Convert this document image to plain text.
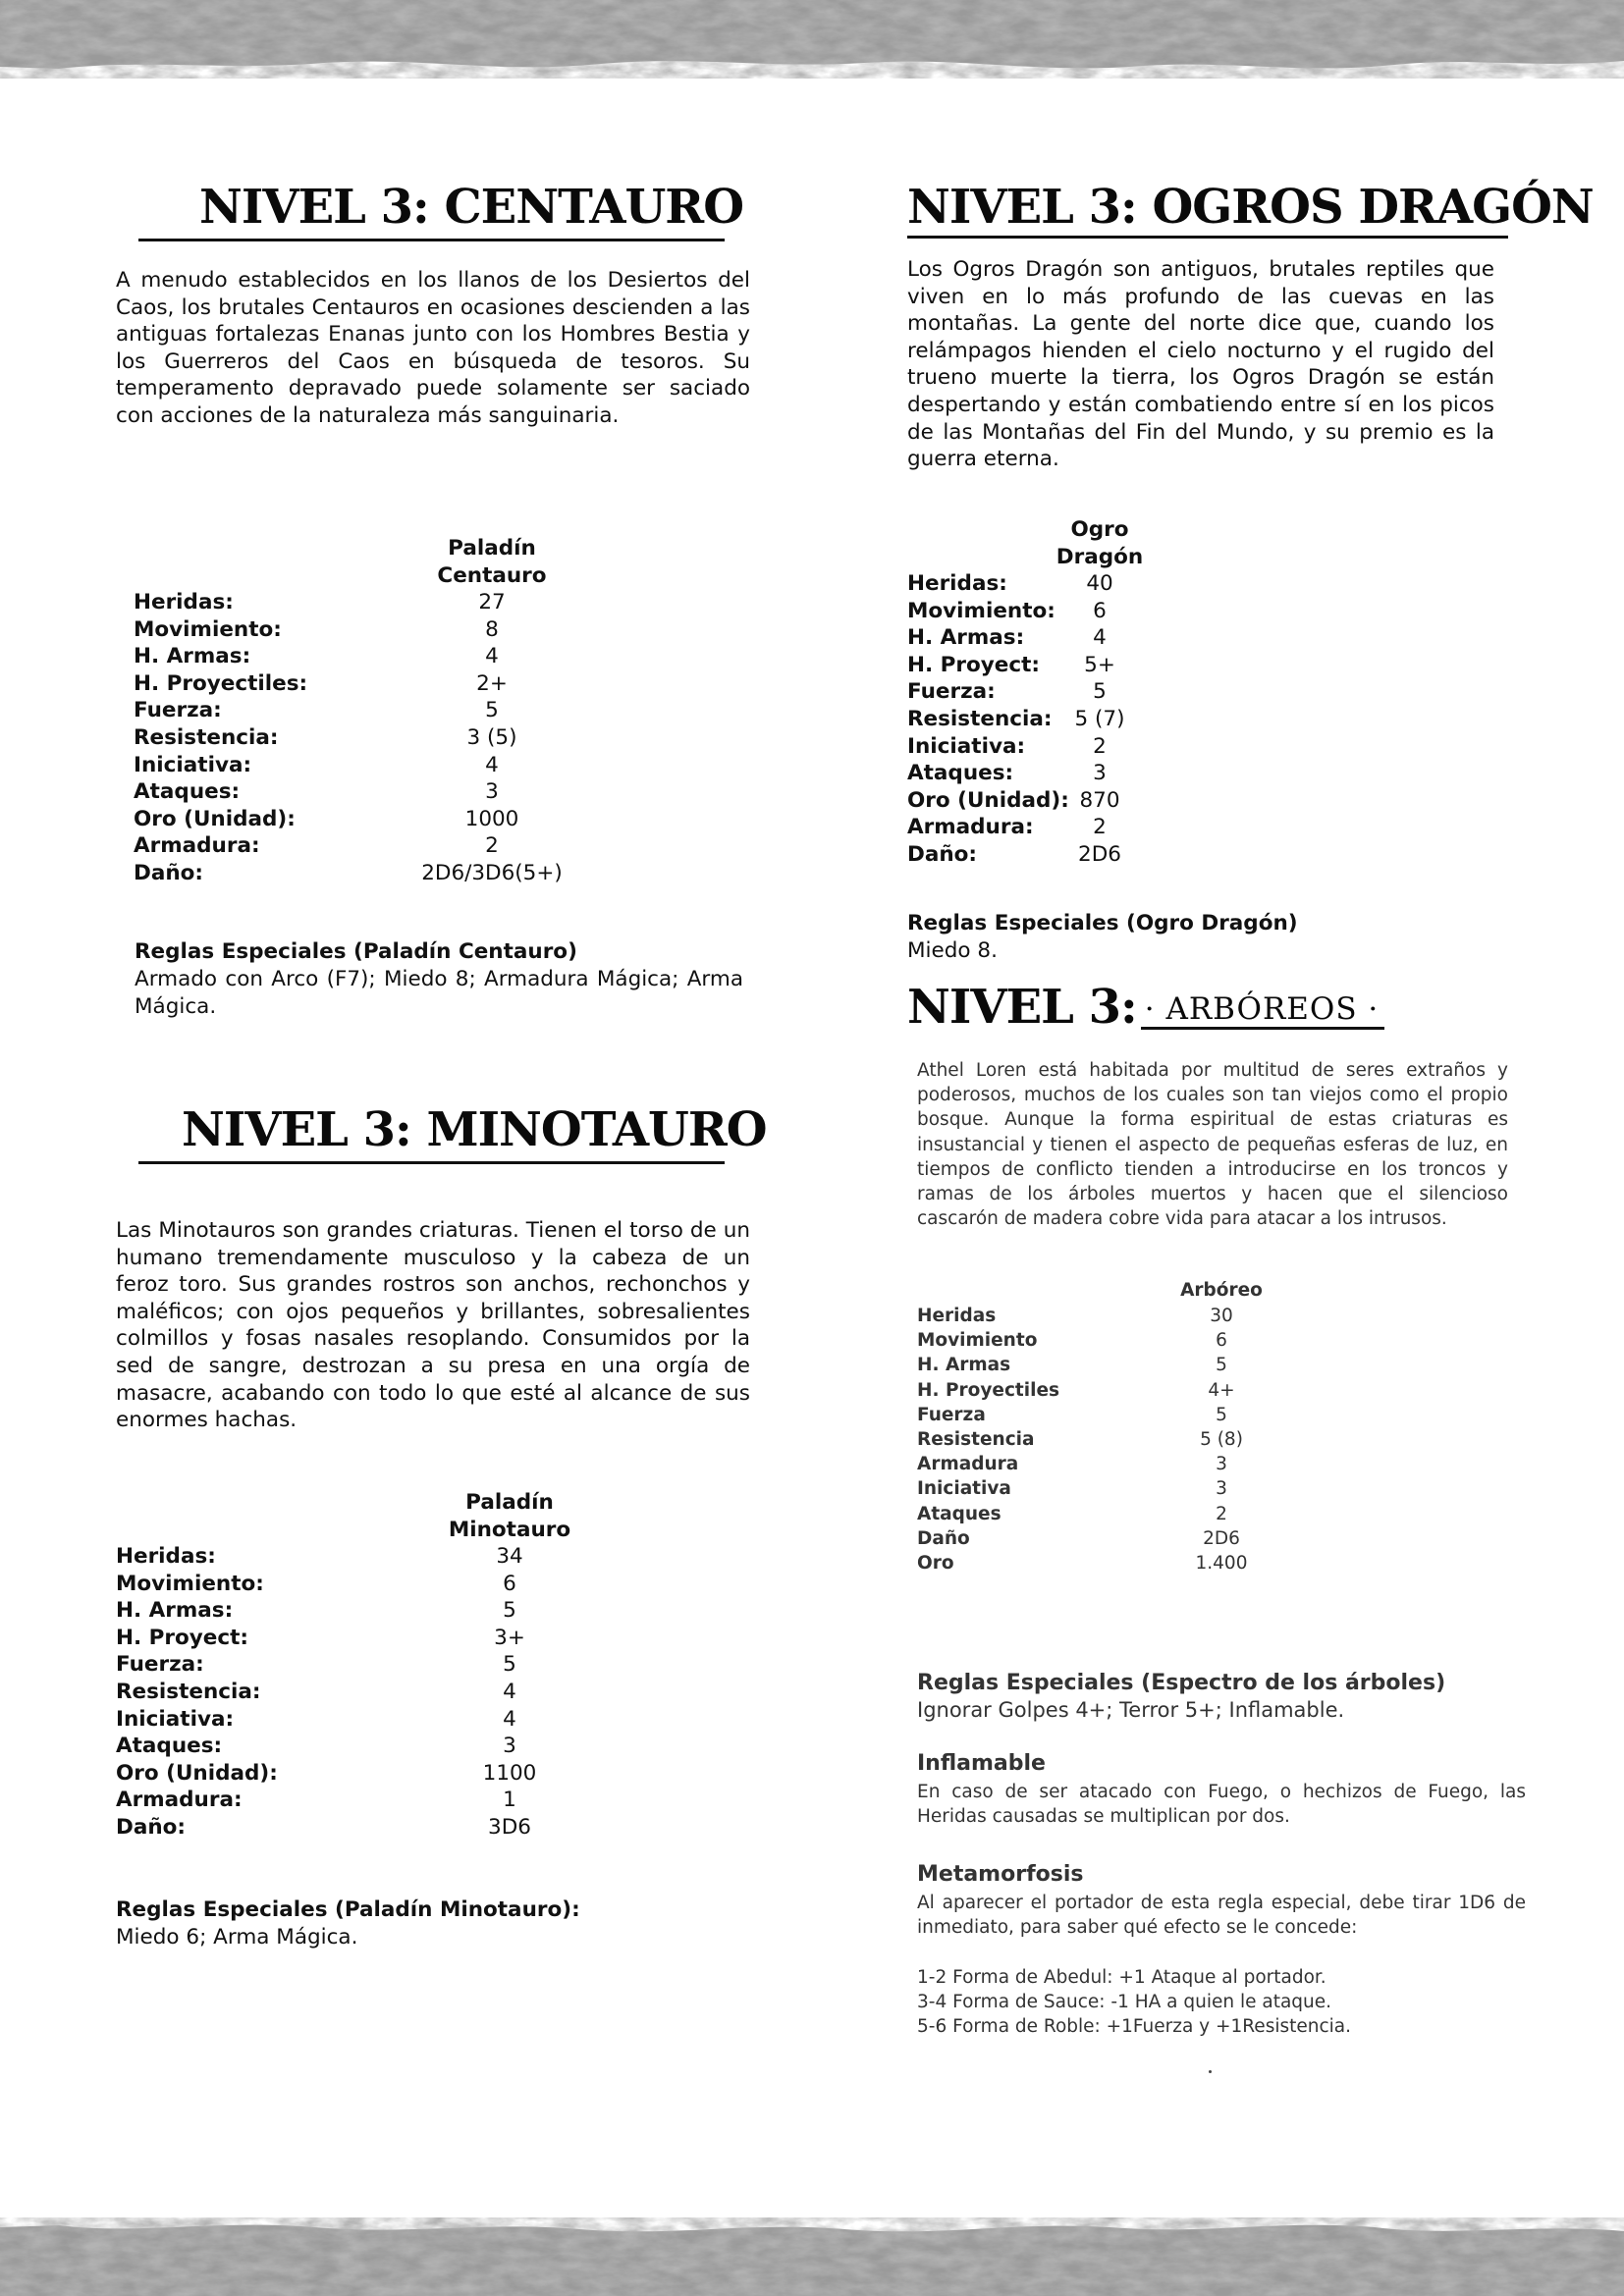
NIVEL 3: CENTAURO

A menudo establecidos en los llanos de los Desiertos del Caos, los brutales Centauros en ocasiones descienden a las antiguas fortalezas Enanas junto con los Hombres Bestia y los Guerreros del Caos en búsqueda de tesoros. Su temperamento depravado puede solamente ser saciado con acciones de la naturaleza más sanguinaria.

Paladín
Centauro
Heridas:	27
Movimiento:	8
H. Armas:	4
H. Proyectiles:	2+
Fuerza:	5
Resistencia:	3 (5)
Iniciativa:	4
Ataques:	3
Oro (Unidad):	1000
Armadura:	2
Daño:	2D6/3D6(5+)
Reglas Especiales (Paladín Centauro)

Armado con Arco (F7); Miedo 8; Armadura Mágica; Arma Mágica.

NIVEL 3: MINOTAURO

Las Minotauros son grandes criaturas. Tienen el torso de un humano tremendamente musculoso y la cabeza de un feroz toro. Sus grandes rostros son anchos, rechonchos y maléficos; con ojos pequeños y brillantes, sobresalientes colmillos y fosas nasales resoplando. Consumidos por la sed de sangre, destrozan a su presa en una orgía de masacre, acabando con todo lo que esté al alcance de sus enormes hachas.

Paladín
Minotauro
Heridas:	34
Movimiento:	6
H. Armas:	5
H. Proyect:	3+
Fuerza:	5
Resistencia:	4
Iniciativa:	4
Ataques:	3
Oro (Unidad):	1100
Armadura:	1
Daño:	3D6
Reglas Especiales (Paladín Minotauro):

Miedo 6; Arma Mágica.

NIVEL 3: OGROS DRAGÓN

Los Ogros Dragón son antiguos, brutales reptiles que viven en lo más profundo de las cuevas en las montañas. La gente del norte dice que, cuando los relámpagos hienden el cielo nocturno y el rugido del trueno muerte la tierra, los Ogros Dragón se están despertando y están combatiendo entre sí en los picos de las Montañas del Fin del Mundo, y su premio es la guerra eterna.

Ogro
Dragón
Heridas:	40
Movimiento:	6
H. Armas:	4
H. Proyect:	5+
Fuerza:	5
Resistencia:	5 (7)
Iniciativa:	2
Ataques:	3
Oro (Unidad): 870
Armadura:	2
Daño:	2D6
Reglas Especiales (Ogro Dragón)

Miedo 8.

NIVEL 3: · ARBÓREOS ·

Athel Loren está habitada por multitud de seres extraños y poderosos, muchos de los cuales son tan viejos como el propio bosque. Aunque la forma espiritual de estas criaturas es insustancial y tienen el aspecto de pequeñas esferas de luz, en tiempos de conflicto tienden a introducirse en los troncos y ramas de los árboles muertos y hacen que el silencioso cascarón de madera cobre vida para atacar a los intrusos.

Arbóreo
Heridas	30
Movimiento	6
H. Armas	5
H. Proyectiles	4+
Fuerza	5
Resistencia	5 (8)
Armadura	3
Iniciativa	3
Ataques	2
Daño	2D6
Oro	1.400
Reglas Especiales (Espectro de los árboles)

Ignorar Golpes 4+; Terror 5+; Inflamable.

Inflamable

En caso de ser atacado con Fuego, o hechizos de Fuego, las Heridas causadas se multiplican por dos.

Metamorfosis

Al aparecer el portador de esta regla especial, debe tirar 1D6 de inmediato, para saber qué efecto se le concede:

1-2 Forma de Abedul: +1 Ataque al portador.
3-4 Forma de Sauce: -1 HA a quien le ataque.
5-6 Forma de Roble: +1Fuerza y +1Resistencia.
